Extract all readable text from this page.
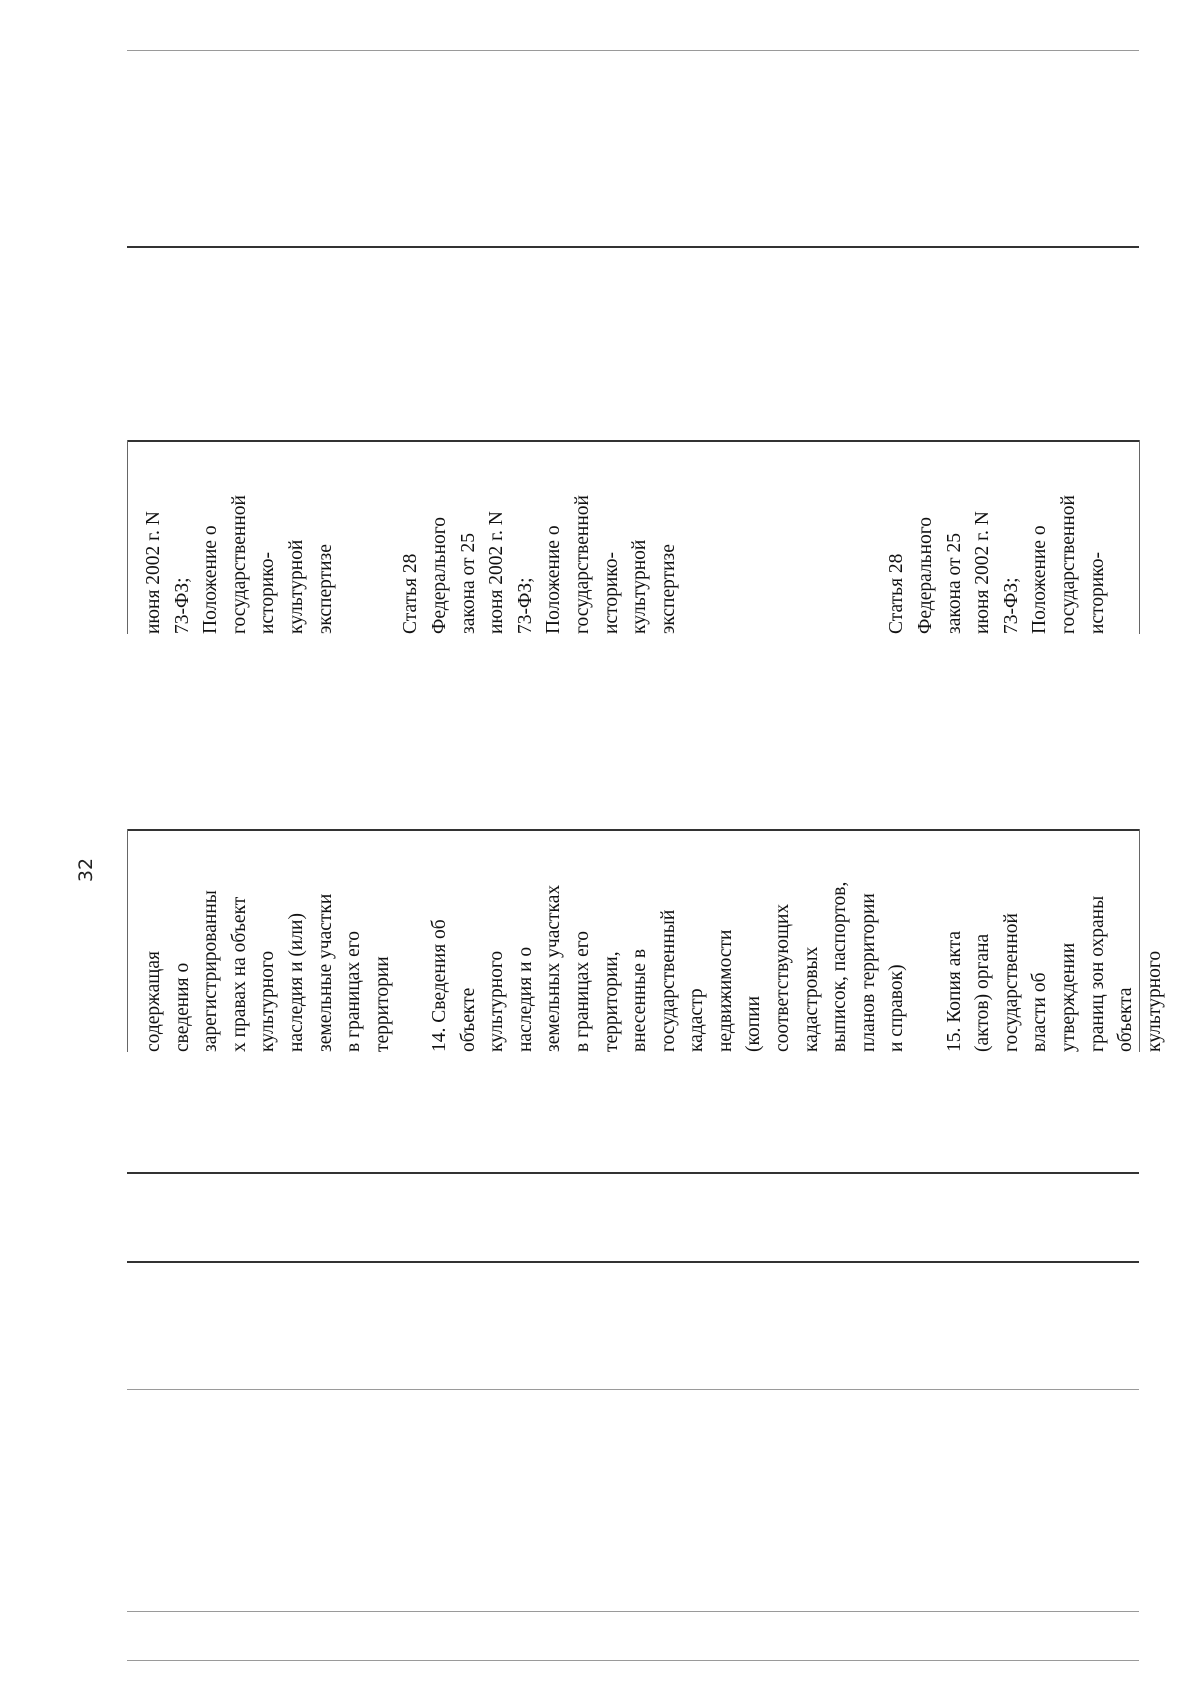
32
июня 2002 г. N 73-ФЗ; Положение о государственной историко- культурной экспертизе	Статья 28 Федерального закона от 25 июня 2002 г. N 73-ФЗ; Положение о государственной историко- культурной экспертизе	Статья 28 Федерального закона от 25 июня 2002 г. N 73-ФЗ; Положение о государственной историко-
содержащая сведения о зарегистрированны х правах на объект культурного наследия и (или) земельные участки в границах его территории 14. Сведения об объекте культурного наследия и о земельных участках в границах его территории, внесенные в государственный кадастр недвижимости (копии соответствующих кадастровых выписок, паспортов, планов территории и справок) 15. Копия акта (актов) органа государственной власти об утверждении границ зон охраны объекта культурного
